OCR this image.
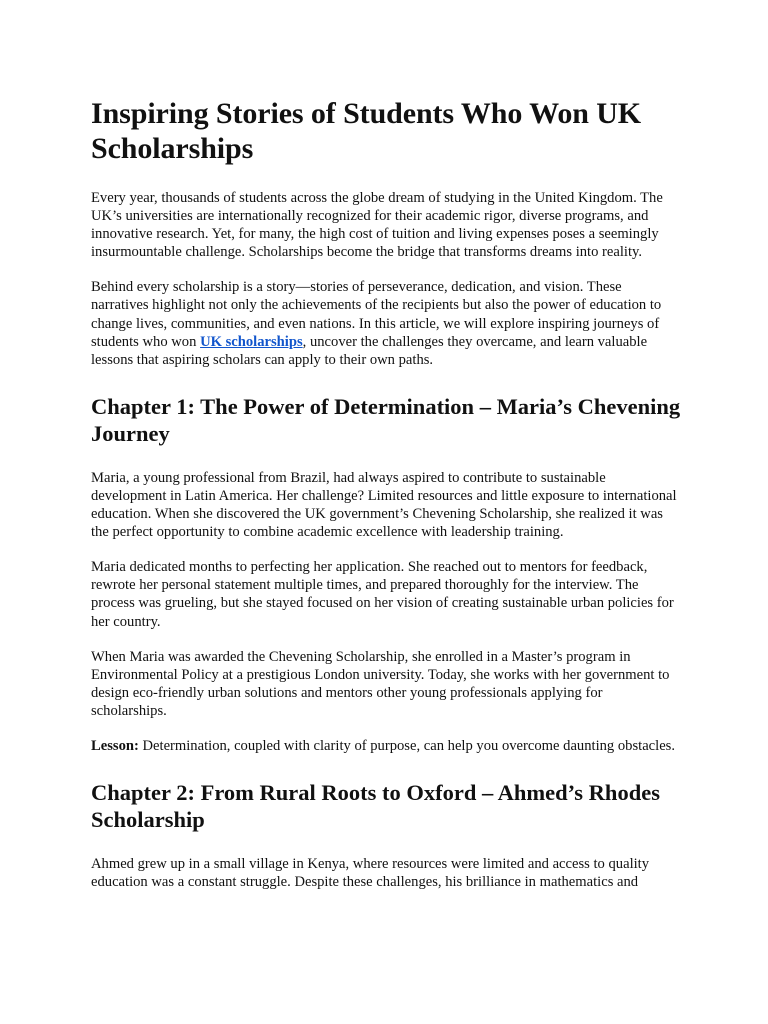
Inspiring Stories of Students Who Won UK Scholarships

Every year, thousands of students across the globe dream of studying in the United Kingdom. The UK’s universities are internationally recognized for their academic rigor, diverse programs, and innovative research. Yet, for many, the high cost of tuition and living expenses poses a seemingly insurmountable challenge. Scholarships become the bridge that transforms dreams into reality.

Behind every scholarship is a story—stories of perseverance, dedication, and vision. These narratives highlight not only the achievements of the recipients but also the power of education to change lives, communities, and even nations. In this article, we will explore inspiring journeys of students who won UK scholarships, uncover the challenges they overcame, and learn valuable lessons that aspiring scholars can apply to their own paths.

Chapter 1: The Power of Determination – Maria’s Chevening Journey

Maria, a young professional from Brazil, had always aspired to contribute to sustainable development in Latin America. Her challenge? Limited resources and little exposure to international education. When she discovered the UK government’s Chevening Scholarship, she realized it was the perfect opportunity to combine academic excellence with leadership training.

Maria dedicated months to perfecting her application. She reached out to mentors for feedback, rewrote her personal statement multiple times, and prepared thoroughly for the interview. The process was grueling, but she stayed focused on her vision of creating sustainable urban policies for her country.

When Maria was awarded the Chevening Scholarship, she enrolled in a Master’s program in Environmental Policy at a prestigious London university. Today, she works with her government to design eco-friendly urban solutions and mentors other young professionals applying for scholarships.

Lesson: Determination, coupled with clarity of purpose, can help you overcome daunting obstacles.

Chapter 2: From Rural Roots to Oxford – Ahmed’s Rhodes Scholarship

Ahmed grew up in a small village in Kenya, where resources were limited and access to quality education was a constant struggle. Despite these challenges, his brilliance in mathematics and
